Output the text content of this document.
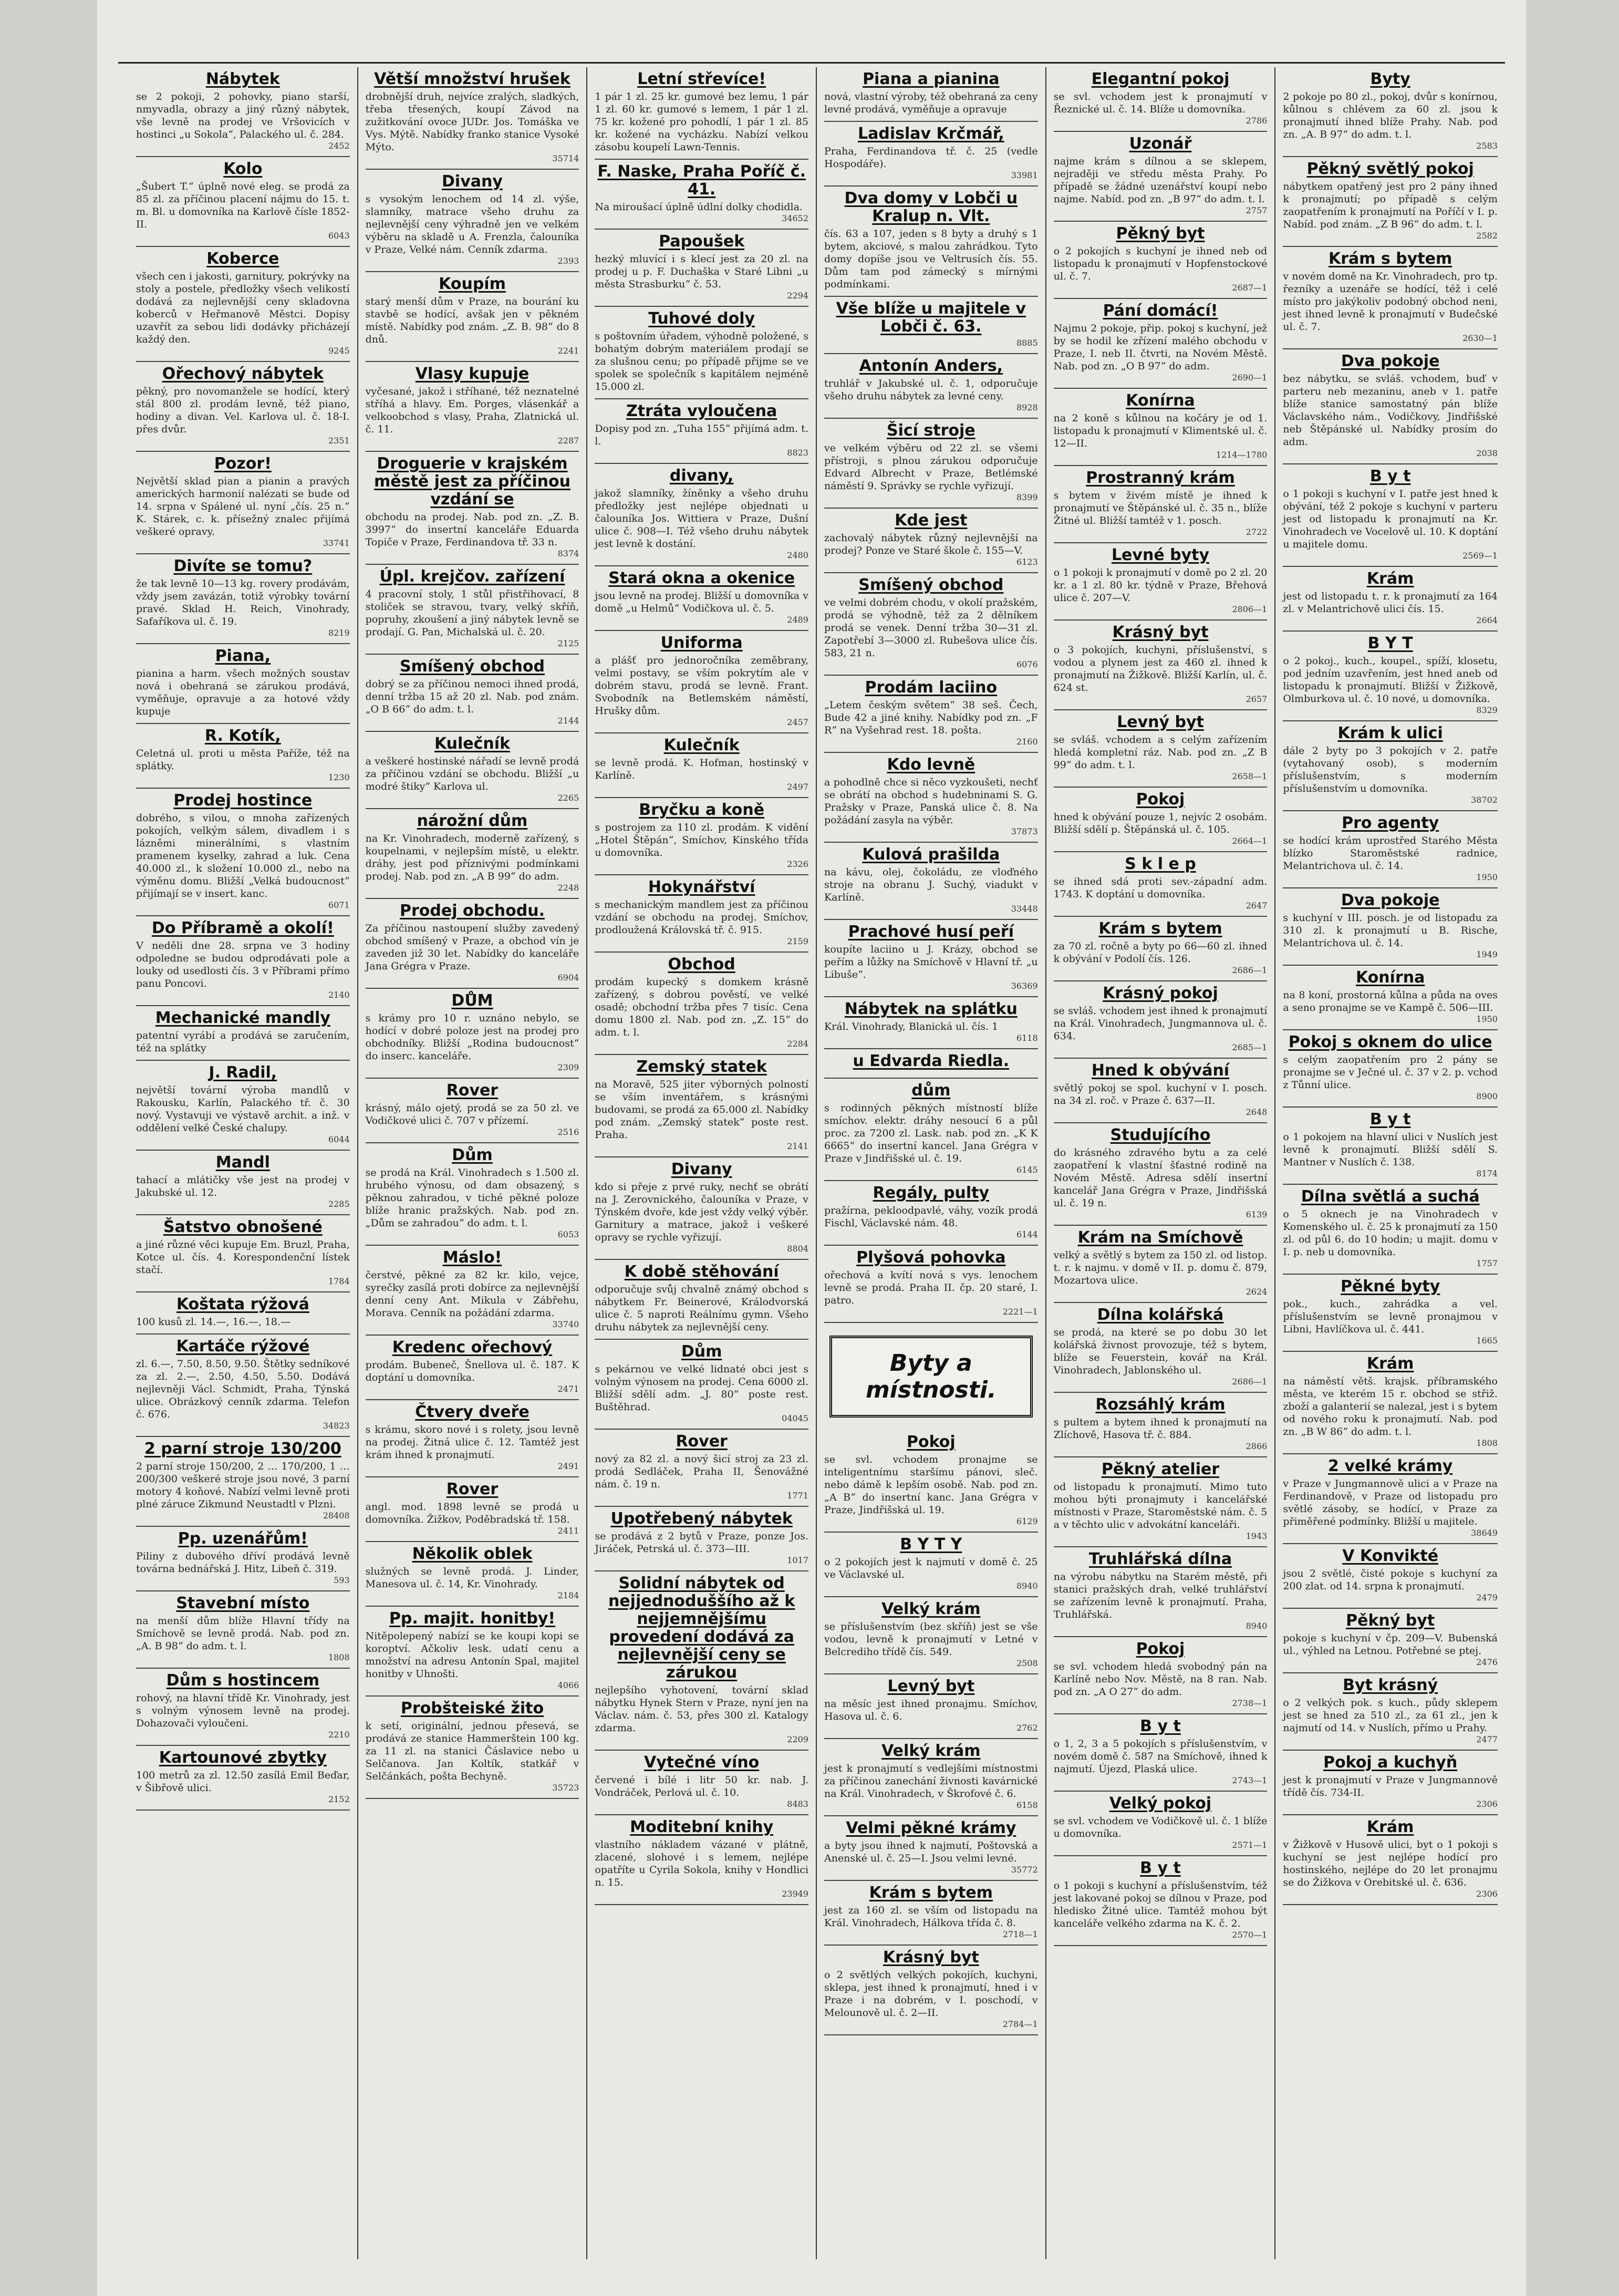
Nábytek

se 2 pokoji, 2 pohovky, piano starší, nmyvadla, obrazy a jiný různý nábytek, vše levně na prodej ve Vršovicích v hostinci „u Sokola“, Palackého ul. č. 284.

2452
Kolo

„Šubert T.“ úplně nové eleg. se prodá za 85 zl. za příčinou placení nájmu do 15. t. m. Bl. u domovníka na Karlově čísle 1852-II.

6043
Koberce

všech cen i jakosti, garnitury, pokrývky na stoly a postele, předložky všech velikostí dodává za nejlevnější ceny skladovna koberců v Heřmanově Městci. Dopisy uzavřít za sebou lidi dodávky přicházejí každý den.

9245
Ořechový nábytek

pěkný, pro novomanžele se hodící, který stál 800 zl. prodám levně, též piano, hodiny a divan. Vel. Karlova ul. č. 18-I. přes dvůr.

2351
Pozor!

Největší sklad pian a pianin a pravých amerických harmonií nalézati se bude od 14. srpna v Spálené ul. nyní „čís. 25 n.“ K. Stárek, c. k. přísežný znalec přijímá veškeré opravy.

33741
Divíte se tomu?

že tak levně 10—13 kg. rovery prodávám, vždy jsem zavázán, totiž výrobky tovární pravé. Sklad H. Reich, Vinohrady, Safaříkova ul. č. 19.

8219
Piana,

pianina a harm. všech možných soustav nová i obehraná se zárukou prodává, vyměňuje, opravuje a za hotové vždy kupuje

R. Kotík,

Celetná ul. proti u města Paříže, též na splátky.

1230
Prodej hostince

dobrého, s vilou, o mnoha zařízených pokojích, velkým sálem, divadlem i s lázněmi minerálními, s vlastním pramenem kyselky, zahrad a luk. Cena 40.000 zl., k složení 10.000 zl., nebo na výměnu domu. Bližší „Velká budoucnost“ přijímají se v insert. kanc.

6071
Do Příbramě a okolí!

V neděli dne 28. srpna ve 3 hodiny odpoledne se budou odprodávati pole a louky od usedlosti čís. 3 v Příbrami přímo panu Poncovi.

2140
Mechanické mandly

patentní vyrábí a prodává se zaručením, též na splátky

J. Radil,

největší tovární výroba mandlů v Rakousku, Karlín, Palackého tř. č. 30 nový. Vystavuji ve výstavě archit. a inž. v oddělení velké České chalupy.

6044
Mandl

tahací a mlátičky vše jest na prodej v Jakubské ul. 12.

2285
Šatstvo obnošené

a jiné různé věci kupuje Em. Bruzl, Praha, Kotce ul. čís. 4. Korespondenční lístek stačí.

1784
Koštata rýžová

100 kusů zl. 14.—, 16.—, 18.—

Kartáče rýžové

zl. 6.—, 7.50, 8.50, 9.50. Štětky sedníkové za zl. 2.—, 2.50, 4.50, 5.50. Dodává nejlevněji Václ. Schmidt, Praha, Týnská ulice. Obrázkový cenník zdarma. Telefon č. 676.

34823
2 parní stroje 130/200

2 parní stroje 150/200, 2 … 170/200, 1 … 200/300 veškeré stroje jsou nové, 3 parní motory 4 koňové. Nabízí velmi levně proti plné záruce Zikmund Neustadtl v Plzni.

28408
Pp. uzenářům!

Piliny z dubového dříví prodává levně továrna bednářská J. Hitz, Libeň č. 319.

593
Stavební místo

na menší dům blíže Hlavní třídy na Smíchově se levně prodá. Nab. pod zn. „A. B 98“ do adm. t. l.

1808
Dům s hostincem

rohový, na hlavní třídě Kr. Vinohrady, jest s volným výnosem levně na prodej. Dohazovači vyloučeni.

2210
Kartounové zbytky

100 metrů za zl. 12.50 zasílá Emil Beďar, v Šibřově ulici.

2152
Větší množství hrušek

drobnější druh, nejvíce zralých, sladkých, třeba třesených, koupí Závod na zužitkování ovoce JUDr. Jos. Tomáška ve Vys. Mýtě. Nabídky franko stanice Vysoké Mýto.

35714
Divany

s vysokým lenochem od 14 zl. výše, slamníky, matrace všeho druhu za nejlevnější ceny výhradně jen ve velkém výběru na skladě u A. Frenzla, čalouníka v Praze, Velké nám. Cenník zdarma.

2393
Koupím

starý menší dům v Praze, na bourání ku stavbě se hodící, avšak jen v pěkném místě. Nabídky pod znám. „Z. B. 98“ do 8 dnů.

2241
Vlasy kupuje

vyčesané, jakož i stříhané, též neznatelné stříhá a hlavy. Em. Porges, vlásenkář a velkoobchod s vlasy, Praha, Zlatnická ul. č. 11.

2287
Droguerie v krajském městě jest za příčinou vzdání se

obchodu na prodej. Nab. pod zn. „Z. B. 3997“ do insertní kanceláře Eduarda Topiče v Praze, Ferdinandova tř. 33 n.

8374
Úpl. krejčov. zařízení

4 pracovní stoly, 1 stůl přistřihovací, 8 stoliček se stravou, tvary, velký skříň, popruhy, zkoušení a jiný nábytek levně se prodají. G. Pan, Michalská ul. č. 20.

2125
Smíšený obchod

dobrý se za příčinou nemoci ihned prodá, denní tržba 15 až 20 zl. Nab. pod znám. „O B 66“ do adm. t. l.

2144
Kulečník

a veškeré hostinské nářadí se levně prodá za příčinou vzdání se obchodu. Bližší „u modré štiky“ Karlova ul.

2265
nárožní dům

na Kr. Vinohradech, moderně zařízený, s koupelnami, v nejlepším místě, u elektr. dráhy, jest pod příznivými podmínkami prodej. Nab. pod zn. „A B 99“ do adm.

2248
Prodej obchodu.

Za příčinou nastoupení služby zavedený obchod smíšený v Praze, a obchod vín je zaveden již 30 let. Nabídky do kanceláře Jana Grégra v Praze.

6904
DŮM

s krámy pro 10 r. uznáno nebylo, se hodící v dobré poloze jest na prodej pro obchodníky. Bližší „Rodina budoucnost“ do inserc. kanceláře.

2309
Rover

krásný, málo ojetý, prodá se za 50 zl. ve Vodičkové ulici č. 707 v přízemí.

2516
Dům

se prodá na Král. Vinohradech s 1.500 zl. hrubého výnosu, od dam obsazený, s pěknou zahradou, v tiché pěkné poloze blíže hranic pražských. Nab. pod zn. „Dům se zahradou“ do adm. t. l.

6053
Máslo!

čerstvé, pěkné za 82 kr. kilo, vejce, syrečky zasílá proti dobírce za nejlevnější denní ceny Ant. Mikula v Zábřehu, Morava. Cenník na požádání zdarma.

33740
Kredenc ořechový

prodám. Bubeneč, Šnellova ul. č. 187. K doptání u domovníka.

2471
Čtvery dveře

s krámu, skoro nové i s rolety, jsou levně na prodej. Žitná ulice č. 12. Tamtéž jest krám ihned k pronajmutí.

2491
Rover

angl. mod. 1898 levně se prodá u domovníka. Žižkov, Poděbradská tř. 158.

2411
Několik oblek

služných se levně prodá. J. Linder, Manesova ul. č. 14, Kr. Vinohrady.

2184
Pp. majit. honitby!

Nitěpolepený nabízí se ke koupi kopi se koroptví. Ačkoliv lesk. udatí cenu a množství na adresu Antonín Spal, majitel honitby v Uhnošti.

4066
Probšteiské žito

k setí, originální, jednou přesevá, se prodává ze stanice Hammerštein 100 kg. za 11 zl. na stanici Čáslavice nebo u Selčanova. Jan Koltík, statkář v Selčánkách, pošta Bechyně.

35723
Letní střevíce!

1 pár 1 zl. 25 kr. gumové bez lemu, 1 pár 1 zl. 60 kr. gumové s lemem, 1 pár 1 zl. 75 kr. kožené pro pohodlí, 1 pár 1 zl. 85 kr. kožené na vycházku. Nabízí velkou zásobu koupelí Lawn-Tennis.

F. Naske, Praha Poříč č. 41.

Na miroušací úplně údlní dolky chodidla.

34652
Papoušek

hezký mluvící i s klecí jest za 20 zl. na prodej u p. F. Duchaška v Staré Libni „u města Strasburku“ č. 53.

2294
Tuhové doly

s poštovním úřadem, výhodně položené, s bohatým dobrým materiálem prodají se za slušnou cenu; po případě přijme se ve spolek se společník s kapitálem nejméně 15.000 zl.

Ztráta vyloučena

Dopisy pod zn. „Tuha 155“ přijímá adm. t. l.

8823
divany,

jakož slamníky, žíněnky a všeho druhu předložky jest nejlépe objednati u čalouníka Jos. Wittiera v Praze, Dušní ulice č. 908—I. Též všeho druhu nábytek jest levně k dostání.

2480
Stará okna a okenice

jsou levně na prodej. Bližší u domovníka v domě „u Helmů“ Vodičkova ul. č. 5.

2489
Uniforma

a plášť pro jednoročníka zeměbrany, velmi postavy, se vším pokrytím ale v dobrém stavu, prodá se levně. Frant. Svobodník na Betlemském náměstí, Hrušky dům.

2457
Kulečník

se levně prodá. K. Hofman, hostinský v Karlíně.

2497
Bryčku a koně

s postrojem za 110 zl. prodám. K vidění „Hotel Štěpán“, Smíchov, Kinského třída u domovníka.

2326
Hokynářství

s mechanickým mandlem jest za příčinou vzdání se obchodu na prodej. Smíchov, prodloužená Královská tř. č. 915.

2159
Obchod

prodám kupecký s domkem krásně zařízený, s dobrou pověstí, ve velké osadě; obchodní tržba přes 7 tisíc. Cena domu 1800 zl. Nab. pod zn. „Z. 15“ do adm. t. l.

2284
Zemský statek

na Moravě, 525 jiter výborných polností se vším inventářem, s krásnými budovami, se prodá za 65.000 zl. Nabídky pod znám. „Zemský statek“ poste rest. Praha.

2141
Divany

kdo si přeje z prvé ruky, nechť se obrátí na J. Zerovnického, čalouníka v Praze, v Týnském dvoře, kde jest vždy velký výběr. Garnitury a matrace, jakož i veškeré opravy se rychle vyřizují.

8804
K době stěhování

odporučuje svůj chvalně známý obchod s nábytkem Fr. Beinerové, Králodvorská ulice č. 5 naproti Reálnímu gymn. Všeho druhu nábytek za nejlevnější ceny.

Dům

s pekárnou ve velké lidnaté obci jest s volným výnosem na prodej. Cena 6000 zl. Bližší sdělí adm. „J. 80“ poste rest. Buštěhrad.

04045
Rover

nový za 82 zl. a nový šicí stroj za 23 zl. prodá Sedláček, Praha II, Šenovážné nám. č. 19 n.

1771
Upotřebený nábytek

se prodává z 2 bytů v Praze, ponze Jos. Jiráček, Petrská ul. č. 373—III.

1017
Solidní nábytek od nejjednoduššího až k nejjemnějšímu provedení dodává za nejlevnější ceny se zárukou

nejlepšího vyhotovení, tovární sklad nábytku Hynek Stern v Praze, nyní jen na Václav. nám. č. 53, přes 300 zl. Katalogy zdarma.

2209
Vytečné víno

červené i bílé i litr 50 kr. nab. J. Vondráček, Perlová ul. č. 10.

8483
Moditební knihy

vlastního nákladem vázané v plátně, zlacené, slohové i s lemem, nejlépe opatříte u Cyrila Sokola, knihy v Hondlici n. 15.

23949
Piana a pianina

nová, vlastní výroby, též obehraná za ceny levné prodává, vyměňuje a opravuje

Ladislav Krčmář,

Praha, Ferdinandova tř. č. 25 (vedle Hospodáře).

33981
Dva domy v Lobči u Kralup n. Vlt.

čís. 63 a 107, jeden s 8 byty a druhý s 1 bytem, akciové, s malou zahrádkou. Tyto domy dopíše jsou ve Veltrusích čís. 55. Dům tam pod zámecký s mírnými podmínkami.

Vše blíže u majitele v Lobči č. 63.

8885
Antonín Anders,

truhlář v Jakubské ul. č. 1, odporučuje všeho druhu nábytek za levné ceny.

8928
Šicí stroje

ve velkém výběru od 22 zl. se všemi přístroji, s plnou zárukou odporučuje Edvard Albrecht v Praze, Betlémské náměstí 9. Správky se rychle vyřizují.

8399
Kde jest

zachovalý nábytek různý nejlevnější na prodej? Ponze ve Staré škole č. 155—V.

6123
Smíšený obchod

ve velmi dobrém chodu, v okolí pražském, prodá se výhodně, též za 2 dělníkem prodá se venek. Denní tržba 30—31 zl. Zapotřebí 3—3000 zl. Rubešova ulice čís. 583, 21 n.

6076
Prodám laciino

„Letem českým světem“ 38 seš. Čech, Bude 42 a jiné knihy. Nabídky pod zn. „F R“ na Vyšehrad rest. 18. pošta.

2160
Kdo levně

a pohodlně chce si něco vyzkoušeti, nechť se obrátí na obchod s hudebninami S. G. Pražsky v Praze, Panská ulice č. 8. Na požádání zasyla na výběr.

37873
Kulová prašilda

na kávu, olej, čokoládu, ze vloďného stroje na obranu J. Suchý, viadukt v Karlíně.

33448
Prachové husí peří

koupíte laciino u J. Krázy, obchod se peřím a lůžky na Smíchově v Hlavní tř. „u Libuše“.

36369
Nábytek na splátku

Král. Vinohrady, Blanická ul. čís. 1

6118
u Edvarda Riedla.

dům

s rodinných pěkných místností blíže smíchov. elektr. dráhy nesoucí 6 a půl proc. za 7200 zl. Lask. nab. pod zn. „K K 6665“ do insertní kancel. Jana Grégra v Praze v Jindřišské ul. č. 19.

6145
Regály, pulty

pražírna, pekloodpavlé, váhy, vozík prodá Fischl, Václavské nám. 48.

6144
Plyšová pohovka

ořechová a kvítí nová s vys. lenochem levně se prodá. Praha II. čp. 20 staré, I. patro.

2221—1
Byty a místnosti.
Pokoj

se svl. vchodem pronajme se inteligentnímu staršímu pánovi, sleč. nebo dámě k lepším osobě. Nab. pod zn. „A B“ do insertní kanc. Jana Grégra v Praze, Jindřišská ul. 19.

6129
B Y T Y

o 2 pokojích jest k najmutí v domě č. 25 ve Václavské ul.

8940
Velký krám

se příslušenstvím (bez skříň) jest se vše vodou, levně k pronajmutí v Letné v Belcrediho třídě čís. 549.

2508
Levný byt

na měsíc jest ihned pronajmu. Smíchov, Hasova ul. č. 6.

2762
Velký krám

jest k pronajmutí s vedlejšími místnostmi za příčinou zanechání živnosti kavárnické na Král. Vinohradech, v Škrofové č. 6.

6158
Velmi pěkné krámy

a byty jsou ihned k najmutí, Poštovská a Anenské ul. č. 25—I. Jsou velmi levné.

35772
Krám s bytem

jest za 160 zl. se vším od listopadu na Král. Vinohradech, Hálkova třída č. 8.

2718—1
Krásný byt

o 2 světlých velkých pokojích, kuchyni, sklepa, jest ihned k pronajmutí, hned i v Praze i na dobrém, v I. poschodí, v Melounově ul. č. 2—II.

2784—1
Elegantní pokoj

se svl. vchodem jest k pronajmutí v Řeznické ul. č. 14. Blíže u domovníka.

2786
Uzonář

najme krám s dílnou a se sklepem, nejraději ve středu města Prahy. Po případě se žádné uzenářství koupí nebo najme. Nabíd. pod zn. „B 97“ do adm. t. l.

2757
Pěkný byt

o 2 pokojích s kuchyní je ihned neb od listopadu k pronajmutí v Hopfenstockové ul. č. 7.

2687—1
Pání domácí!

Najmu 2 pokoje, přip. pokoj s kuchyní, jež by se hodil ke zřízení malého obchodu v Praze, I. neb II. čtvrti, na Novém Městě. Nab. pod zn. „O B 97“ do adm.

2690—1
Konírna

na 2 koně s kůlnou na kočáry je od 1. listopadu k pronajmutí v Klimentské ul. č. 12—II.

1214—1780
Prostranný krám

s bytem v živém místě je ihned k pronajmutí ve Štěpánské ul. č. 35 n., blíže Žitné ul. Bližší tamtéž v 1. posch.

2722
Levné byty

o 1 pokoji k pronajmutí v domě po 2 zl. 20 kr. a 1 zl. 80 kr. týdně v Praze, Břehová ulice č. 207—V.

2806—1
Krásný byt

o 3 pokojích, kuchyni, příslušenství, s vodou a plynem jest za 460 zl. ihned k pronajmutí na Žižkově. Bližší Karlín, ul. č. 624 st.

2657
Levný byt

se svláš. vchodem a s celým zařízením hledá kompletní ráz. Nab. pod zn. „Z B 99“ do adm. t. l.

2658—1
Pokoj

hned k obývání pouze 1, nejvíc 2 osobám. Bližší sdělí p. Štěpánská ul. č. 105.

2664—1
S k l e p

se ihned sdá proti sev.-západní adm. 1743. K doptání u domovníka.

2647
Krám s bytem

za 70 zl. ročně a byty po 66—60 zl. ihned k obývání v Podolí čís. 126.

2686—1
Krásný pokoj

se svláš. vchodem jest ihned k pronajmutí na Král. Vinohradech, Jungmannova ul. č. 634.

2685—1
Hned k obývání

světlý pokoj se spol. kuchyní v I. posch. na 34 zl. roč. v Praze č. 637—II.

2648
Studujícího

do krásného zdravého bytu a za celé zaopatření k vlastní šťastné rodině na Novém Městě. Adresa sdělí insertní kancelář Jana Grégra v Praze, Jindřišská ul. č. 19 n.

6139
Krám na Smíchově

velký a světlý s bytem za 150 zl. od listop. t. r. k najmu. v domě v II. p. domu č. 879, Mozartova ulice.

2624
Dílna kolářská

se prodá, na které se po dobu 30 let kolářská živnost provozuje, též s bytem, blíže se Feuerstein, kovář na Král. Vinohradech, Jablonského ul.

2686—1
Rozsáhlý krám

s pultem a bytem ihned k pronajmutí na Zlíchově, Hasova tř. č. 884.

2866
Pěkný atelier

od listopadu k pronajmutí. Mimo tuto mohou býti pronajmuty i kancelářské místnosti v Praze, Staroměstské nám. č. 5 a v těchto ulic v advokátní kanceláři.

1943
Truhlářská dílna

na výrobu nábytku na Starém městě, při stanici pražských drah, velké truhlářství se zařízením levně k pronajmutí. Praha, Truhlářská.

8940
Pokoj

se svl. vchodem hledá svobodný pán na Karlíně nebo Nov. Městě, na 8 ran. Nab. pod zn. „A O 27“ do adm.

2738—1
B y t

o 1, 2, 3 a 5 pokojích s příslušenstvím, v novém domě č. 587 na Smíchově, ihned k najmutí. Újezd, Plaská ulice.

2743—1
Velký pokoj

se svl. vchodem ve Vodičkově ul. č. 1 blíže u domovníka.

2571—1
B y t

o 1 pokoji s kuchyní a příslušenstvím, též jest lakované pokoj se dílnou v Praze, pod hledisko Žitné ulice. Tamtéž mohou být kanceláře velkého zdarma na K. č. 2.

2570—1
Byty

2 pokoje po 80 zl., pokoj, dvůr s konírnou, kůlnou s chlévem za 60 zl. jsou k pronajmutí ihned blíže Prahy. Nab. pod zn. „A. B 97“ do adm. t. l.

2583
Pěkný světlý pokoj

nábytkem opatřený jest pro 2 pány ihned k pronajmutí; po případě s celým zaopatřením k pronajmutí na Poříčí v I. p. Nabíd. pod znám. „Z B 96“ do adm. t. l.

2582
Krám s bytem

v novém domě na Kr. Vinohradech, pro tp. řezníky a uzenáře se hodící, též i celé místo pro jakýkoliv podobný obchod neni, jest ihned levně k pronajmutí v Budečské ul. č. 7.

2630—1
Dva pokoje

bez nábytku, se svláš. vchodem, buď v parteru neb mezaninu, aneb v 1. patře blíže stanice samostatný pán blíže Václavského nám., Vodičkovy, Jindřišské neb Štěpánské ul. Nabídky prosím do adm.

2038
B y t

o 1 pokoji s kuchyní v I. patře jest hned k obývání, též 2 pokoje s kuchyní v parteru jest od listopadu k pronajmutí na Kr. Vinohradech ve Vocelově ul. 10. K doptání u majitele domu.

2569—1
Krám

jest od listopadu t. r. k pronajmutí za 164 zl. v Melantrichově ulici čís. 15.

2664
B Y T

o 2 pokoj., kuch., koupel., spíží, klosetu, pod jedním uzavřením, jest hned aneb od listopadu k pronajmutí. Bližší v Žižkově, Olmburkova ul. č. 10 nové, u domovníka.

8329
Krám k ulici

dále 2 byty po 3 pokojích v 2. patře (vytahovaný osob), s moderním příslušenstvím, s moderním příslušenstvím u domovníka.

38702
Pro agenty

se hodící krám uprostřed Starého Města blízko Staroměstské radnice, Melantrichova ul. č. 14.

1950
Dva pokoje

s kuchyní v III. posch. je od listopadu za 310 zl. k pronajmutí u B. Rische, Melantrichova ul. č. 14.

1949
Konírna

na 8 koní, prostorná kůlna a půda na oves a seno pronajme se ve Kampě č. 506—III.

1950
Pokoj s oknem do ulice

s celým zaopatřením pro 2 pány se pronajme se v Ječné ul. č. 37 v 2. p. vchod z Tůnní ulice.

8900
B y t

o 1 pokojem na hlavní ulici v Nuslích jest levně k pronajmutí. Bližší sdělí S. Mantner v Nuslích č. 138.

8174
Dílna světlá a suchá

o 5 oknech je na Vinohradech v Komenského ul. č. 25 k pronajmutí za 150 zl. od půl 6. do 10 hodin; u majit. domu v I. p. neb u domovníka.

1757
Pěkné byty

pok., kuch., zahrádka a vel. příslušenstvím se levně pronajmou v Libni, Havlíčkova ul. č. 441.

1665
Krám

na náměstí větš. krajsk. příbramského města, ve kterém 15 r. obchod se střiž. zboží a galanterií se nalezal, jest i s bytem od nového roku k pronajmutí. Nab. pod zn. „B W 86“ do adm. t. l.

1808
2 velké krámy

v Praze v Jungmannově ulici a v Praze na Ferdinandově, v Praze od listopadu pro světlé zásoby, se hodící, v Praze za přiměřené podmínky. Bližší u majitele.

38649
V Konvikté

jsou 2 světlé, čisté pokoje s kuchyní za 200 zlat. od 14. srpna k pronajmutí.

2479
Pěkný byt

pokoje s kuchyní v čp. 209—V. Bubenská ul., výhled na Letnou. Potřebné se ptej.

2476
Byt krásný

o 2 velkých pok. s kuch., půdy sklepem jest se hned za 510 zl., za 61 zl., jen k najmutí od 14. v Nuslích, přímo u Prahy.

2477
Pokoj a kuchyň

jest k pronajmutí v Praze v Jungmannově třídě čís. 734-II.

2306
Krám

v Žižkově v Husově ulici, byt o 1 pokoji s kuchyní se jest nejlépe hodící pro hostinského, nejlépe do 20 let pronajmu se do Žižkova v Orebitské ul. č. 636.

2306
